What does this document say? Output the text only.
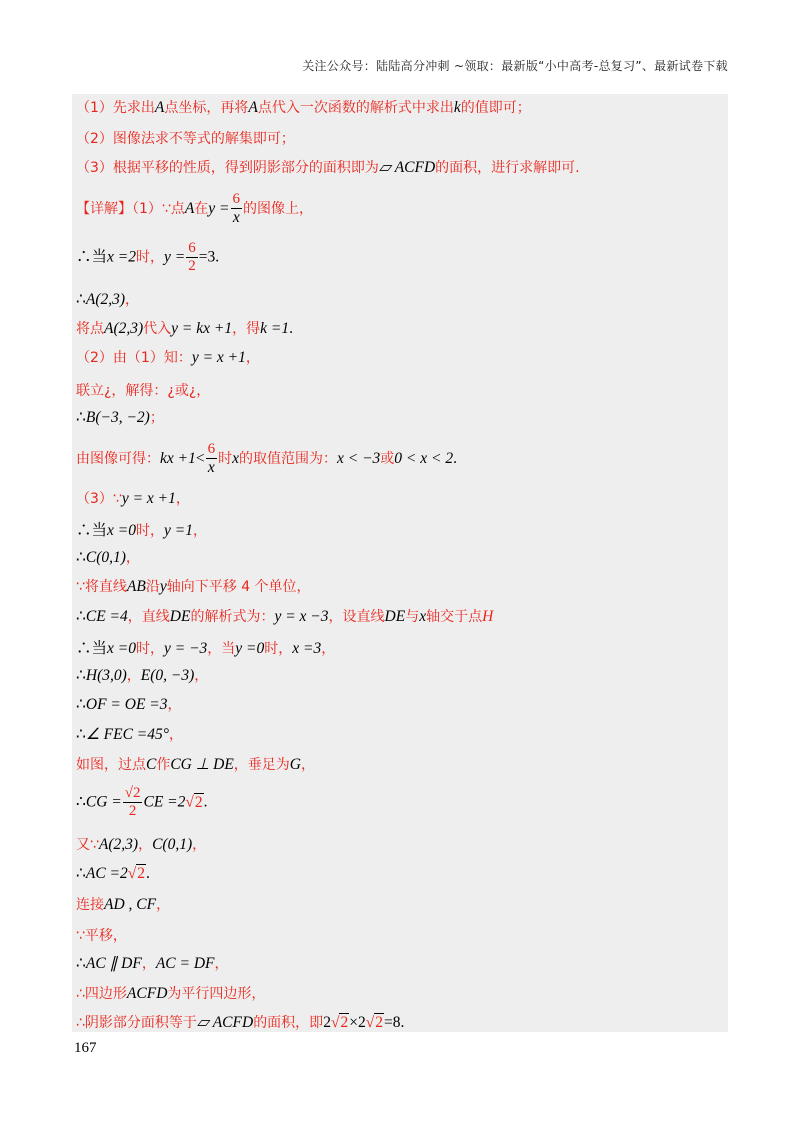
关注公众号：陆陆高分冲刺 ~领取：最新版“小中高考-总复习”、最新试卷下载
（1）先求出A点坐标，再将A点代入一次函数的解析式中求出k的值即可；
（2）图像法求不等式的解集即可；
（3）根据平移的性质，得到阴影部分的面积即为▱ ACFD的面积，进行求解即可.
【详解】（1）∵点A在$y = \frac{6}{x}$ 的图像上，
∴当x =2时，$y = \frac{6}{2} =3$.
∴A(2,3)，
将点A(2,3)代入y = kx +1，得k =1.
（2）由（1）知：y = x +1，
联立¿，解得：¿或¿，
∴B(−3, −2)；
由图像可得：kx $+1< \frac{6}{x}$ 时x的取值范围为：x < −3或0 < x < 2.
（3）∵y = x +1，
∴当x =0时，y =1，
∴C(0,1)，
∵将直线AB沿y轴向下平移 4 个单位，
∴CE =4，直线DE的解析式为：y = x −3，设直线DE与x轴交于点H
∴当x =0时，y = −3，当y =0时，x =3，
∴H(3,0)，E(0, −3)，
∴OF = OE =3，
∴∠ FEC =45°，
如图，过点C作CG ⊥ DE，垂足为G，
∴CG = $\frac{√2}{2}$ CE =2√2.
又∵A(2,3)，C(0,1)，
∴AC =2√2.
连接AD , CF，
∵平移，
∴AC ∥ DF，AC = DF，
∴四边形ACFD为平行四边形，
∴阴影部分面积等于▱ ACFD的面积，即2√2×2√2=8.
167
